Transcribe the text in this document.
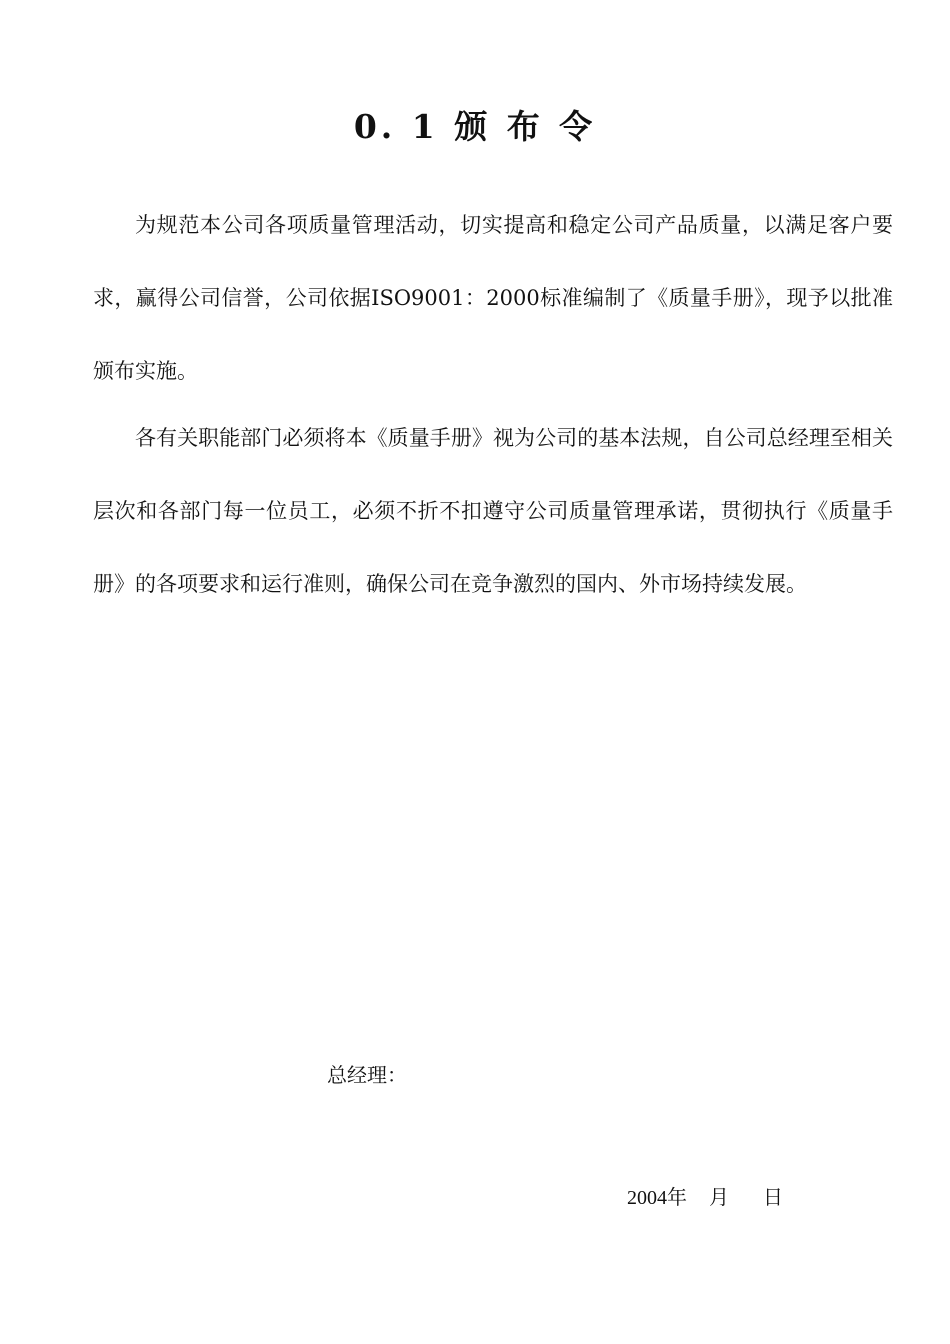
0. 1 颁 布 令

为规范本公司各项质量管理活动，切实提高和稳定公司产品质量，以满足客户要求，赢得公司信誉，公司依据ISO9001：2000标准编制了《质量手册》，现予以批准颁布实施。

各有关职能部门必须将本《质量手册》视为公司的基本法规，自公司总经理至相关层次和各部门每一位员工，必须不折不扣遵守公司质量管理承诺，贯彻执行《质量手册》的各项要求和运行准则，确保公司在竞争激烈的国内、外市场持续发展。

总经理：
2004年 月 日
